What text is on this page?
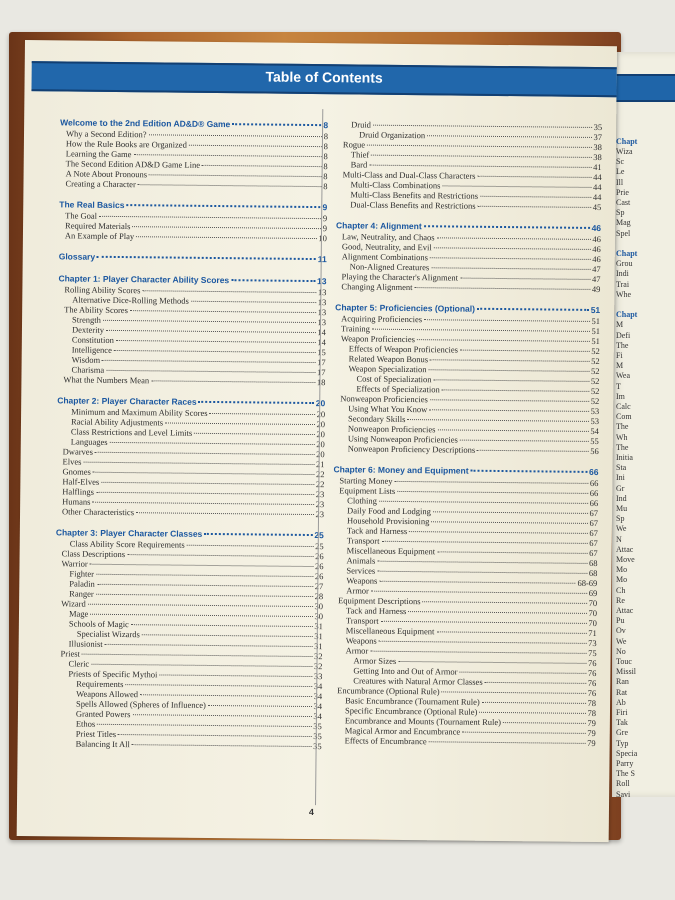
Chapt
Wiza
Sc
Le
Ill
Prie
Cast
Sp
Mag
Spel
Chapt
Grou
Indi
Trai
Whe
Chapt
M
Defi
The
Fi
M
Wea
T
Im
Calc
Com
The
Wh
The
Initia
Sta
Ini
Gr
Ind
Mu
Sp
We
N
Attac
Move
Mo
Mo
Ch
Re
Attac
Pu
Ov
We
No
Touc
Missil
Ran
Rat
Ab
Firi
Tak
Gre
Typ
Specia
Parry
The S
Roll
Savi
Table of Contents
Welcome to the 2nd Edition AD&D® Game	8
Why a Second Edition?	8
How the Rule Books are Organized	8
Learning the Game	8
The Second Edition AD&D Game Line	8
A Note About Pronouns	8
Creating a Character	8
The Real Basics	9
The Goal	9
Required Materials	9
An Example of Play	10
Glossary	11
Chapter 1: Player Character Ability Scores	13
Rolling Ability Scores	13
Alternative Dice-Rolling Methods	13
The Ability Scores	13
Strength	13
Dexterity	14
Constitution	14
Intelligence	15
Wisdom	17
Charisma	17
What the Numbers Mean	18
Chapter 2: Player Character Races	20
Minimum and Maximum Ability Scores	20
Racial Ability Adjustments	20
Class Restrictions and Level Limits	20
Languages	20
Dwarves	20
Elves	21
Gnomes	22
Half-Elves	22
Halflings	23
Humans	23
Other Characteristics	23
Chapter 3: Player Character Classes	25
Class Ability Score Requirements	25
Class Descriptions	26
Warrior	26
Fighter	26
Paladin	27
Ranger	28
Wizard	30
Mage	30
Schools of Magic	31
Specialist Wizards	31
Illusionist	31
Priest	32
Cleric	32
Priests of Specific Mythoi	33
Requirements	34
Weapons Allowed	34
Spells Allowed (Spheres of Influence)	34
Granted Powers	34
Ethos	35
Priest Titles	35
Balancing It All	35
Druid	35
Druid Organization	37
Rogue	38
Thief	38
Bard	41
Multi-Class and Dual-Class Characters	44
Multi-Class Combinations	44
Multi-Class Benefits and Restrictions	44
Dual-Class Benefits and Restrictions	45
Chapter 4: Alignment	46
Law, Neutrality, and Chaos	46
Good, Neutrality, and Evil	46
Alignment Combinations	46
Non-Aligned Creatures	47
Playing the Character's Alignment	47
Changing Alignment	49
Chapter 5: Proficiencies (Optional)	51
Acquiring Proficiencies	51
Training	51
Weapon Proficiencies	51
Effects of Weapon Proficiencies	52
Related Weapon Bonus	52
Weapon Specialization	52
Cost of Specialization	52
Effects of Specialization	52
Nonweapon Proficiencies	52
Using What You Know	53
Secondary Skills	53
Nonweapon Proficiencies	54
Using Nonweapon Proficiencies	55
Nonweapon Proficiency Descriptions	56
Chapter 6: Money and Equipment	66
Starting Money	66
Equipment Lists	66
Clothing	66
Daily Food and Lodging	67
Household Provisioning	67
Tack and Harness	67
Transport	67
Miscellaneous Equipment	67
Animals	68
Services	68
Weapons	68-69
Armor	69
Equipment Descriptions	70
Tack and Harness	70
Transport	70
Miscellaneous Equipment	71
Weapons	73
Armor	75
Armor Sizes	76
Getting Into and Out of Armor	76
Creatures with Natural Armor Classes	76
Encumbrance (Optional Rule)	76
Basic Encumbrance (Tournament Rule)	78
Specific Encumbrance (Optional Rule)	78
Encumbrance and Mounts (Tournament Rule)	79
Magical Armor and Encumbrance	79
Effects of Encumbrance	79
4
